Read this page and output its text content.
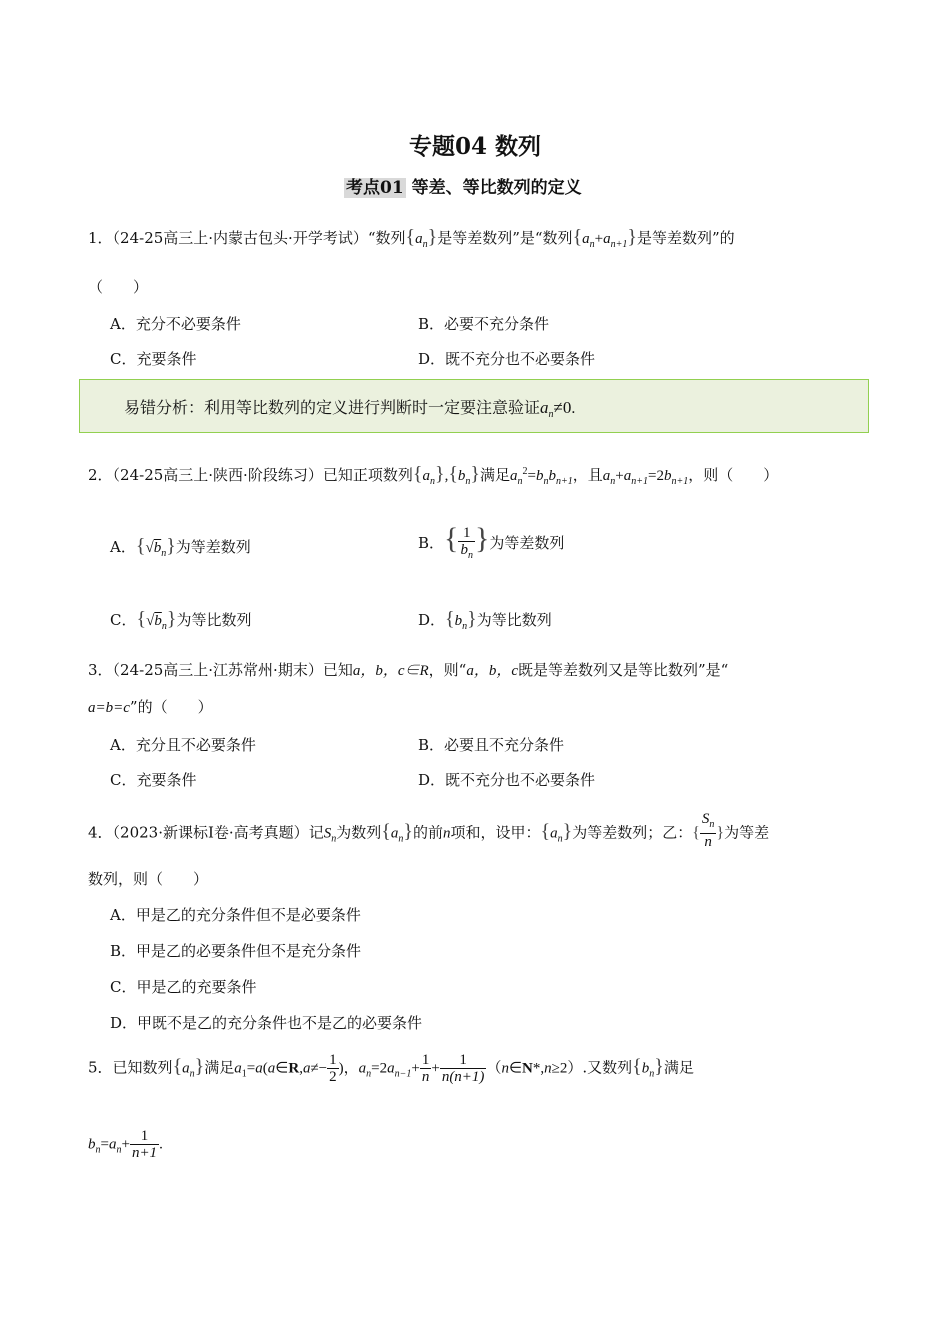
专题04 数列
考点01 等差、等比数列的定义
1．（24-25高三上·内蒙古包头·开学考试）“数列$\{a_n\}$是等差数列”是“数列$\{a_n+a_{n+1}\}$是等差数列”的
（　　）
A．充分不必要条件	B．必要不充分条件
C．充要条件	D．既不充分也不必要条件
易错分析：利用等比数列的定义进行判断时一定要注意验证$a_n\ne 0$.
2．（24-25高三上·陕西·阶段练习）已知正项数列$\{a_n\},\{b_n\}$满足$a_n^2=b_nb_{n+1}$，且$a_n+a_{n+1}=2b_{n+1}$，则（　　）
A．$\{√b_n\}$为等差数列	B．{ $\frac{1}{b_n}$ }为等差数列
C．$\{√b_n\}$为等比数列	D．$\{b_n\}$为等比数列
3．（24-25高三上·江苏常州·期末）已知a，b，c∈R，则“a，b，c既是等差数列又是等比数列”是“
a=b=c”的（　　）
A．充分且不必要条件	B．必要且不充分条件
C．充要条件	D．既不充分也不必要条件
4．（2023·新课标Ⅰ卷·高考真题）记$S_n$为数列$\{a_n\}$的前n项和，设甲：$\{a_n\}$为等差数列；乙：{ $\frac{S_n}{n}$ }为等差
数列，则（　　）
A．甲是乙的充分条件但不是必要条件
B．甲是乙的必要条件但不是充分条件
C．甲是乙的充要条件
D．甲既不是乙的充分条件也不是乙的必要条件
5．已知数列$\{a_n\}$满足$a_1=a(a\in R,a\ne- \frac{1}{2}$ )，$a_n=2a_{n-1}+ \frac{1}{n} + \frac{1}{n(n+1)}$ （n∈N*,n≥2）.又数列$\{b_n\}$满足
$b_n=a_n+ \frac{1}{n+1}$ .
